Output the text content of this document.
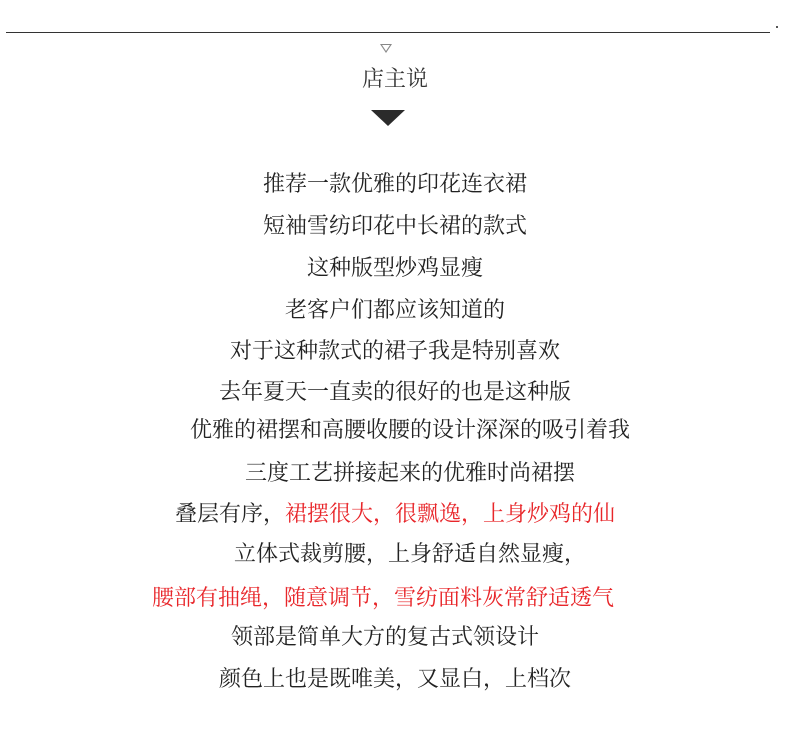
店主说
推荐一款优雅的印花连衣裙
短袖雪纺印花中长裙的款式
这种版型炒鸡显瘦
老客户们都应该知道的
对于这种款式的裙子我是特别喜欢
去年夏天一直卖的很好的也是这种版
优雅的裙摆和高腰收腰的设计深深的吸引着我
三度工艺拼接起来的优雅时尚裙摆
叠层有序，裙摆很大，很飘逸，上身炒鸡的仙
立体式裁剪腰，上身舒适自然显瘦，
腰部有抽绳，随意调节，雪纺面料灰常舒适透气
领部是简单大方的复古式领设计
颜色上也是既唯美，又显白，上档次
